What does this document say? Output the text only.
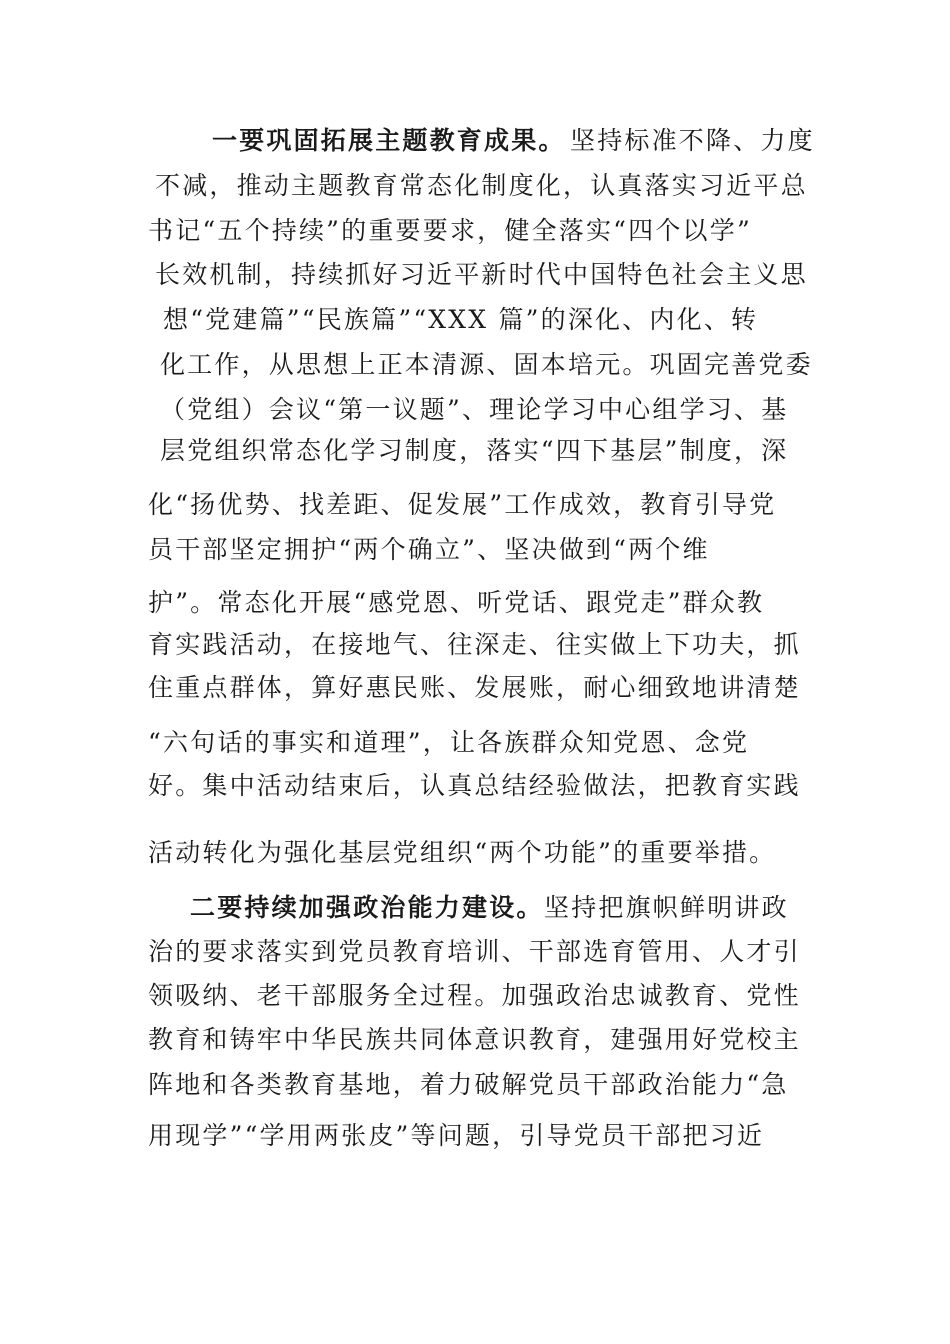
一要巩固拓展主题教育成果。 坚持标准不降、力度
不减，推动主题教育常态化制度化，认真落实习近平总
书记“五个持续”的重要要求，健全落实“四个以学”
长效机制，持续抓好习近平新时代中国特色社会主义思
想“党建篇”“民族篇”“XXX 篇”的深化、内化、转
化工作，从思想上正本清源、固本培元。巩固完善党委
（党组）会议“第一议题”、理论学习中心组学习、基
层党组织常态化学习制度，落实“四下基层”制度，深
化“扬优势、找差距、促发展”工作成效，教育引导党
员干部坚定拥护“两个确立”、坚决做到“两个维
护”。常态化开展“感党恩、听党话、跟党走”群众教
育实践活动，在接地气、往深走、往实做上下功夫，抓
住重点群体，算好惠民账、发展账，耐心细致地讲清楚
“六句话的事实和道理”，让各族群众知党恩、念党
好。集中活动结束后，认真总结经验做法，把教育实践
活动转化为强化基层党组织“两个功能”的重要举措。
二要持续加强政治能力建设。 坚持把旗帜鲜明讲政
治的要求落实到党员教育培训、干部选育管用、人才引
领吸纳、老干部服务全过程。加强政治忠诚教育、党性
教育和铸牢中华民族共同体意识教育，建强用好党校主
阵地和各类教育基地，着力破解党员干部政治能力“急
用现学”“学用两张皮”等问题，引导党员干部把习近
